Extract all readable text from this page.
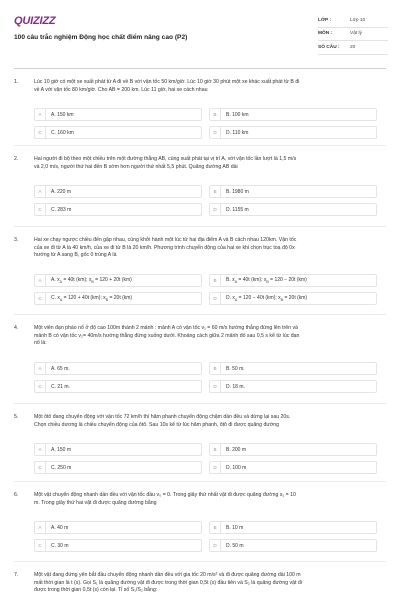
QUIZIZZ
100 câu trắc nghiệm Động học chất điểm nâng cao (P2)
LỚP :	Lớp 10
MÔN :	Vật lý
SỐ CÂU :	20
1.	Lúc 10 giờ có một xe xuất phát từ A đi về B với vận tốc 50 km/giờ. Lúc 10 giờ 30 phút một xe khác xuất phát từ B đi
về A với vận tốc 80 km/giờ. Cho AB = 200 km. Lúc 11 giờ, hai xe cách nhau
A	A. 150 km	B	B. 100 km
C	C. 160 km	D	D. 110 km
2.	Hai người đi bộ theo một chiều trên một đường thẳng AB, cùng xuất phát tại vị trí A, với vận tốc lần lượt là 1,5 m/s
và 2,0 m/s, người thứ hai đến B sớm hơn người thứ nhất 5,5 phút. Quãng đường AB dài
A	A. 220 m	B	B. 1980 m
C	C. 283 m	D	D. 1155 m
3.	Hai xe chạy ngược chiều đến gặp nhau, cùng khởi hành một lúc từ hai địa điểm A và B cách nhau 120km. Vận tốc
của xe đi từ A là 40 km/h, của xe đi từ B là 20 km/h. Phương trình chuyển động của hai xe khi chọn trục toạ độ 0x
hướng từ A sang B, gốc 0 trùng A là
A	A. $x_A = 40t$ (km); $x_B = 120 + 20t$ (km)	B	B. $x_A = 40t$ (km); $x_B = 120 - 20t$ (km)
C	C. $x_A = 120 + 40t$ (km); $x_B = 20t$ (km)	D	D. $x_A = 120 - 40t$ (km); $x_B = 20t$ (km)
4.	Một viên đạn pháo nổ ở độ cao 100m thành 2 mảnh : mảnh A có vận tốc v₁ = 60 m/s hướng thẳng đứng lên trên và
mảnh B có vận tốc v₂= 40m/s hướng thẳng đứng xuống dưới. Khoảng cách giữa 2 mảnh đó sau 0,5 s kể từ lúc đạn
nổ là:
A	A. 65 m.	B	B. 50 m.
C	C. 21 m.	D	D. 18 m.
5.	Một ôtô đang chuyển động với vận tốc 72 km/h thì hãm phanh chuyển động chậm dần đều và dừng lại sau 20s.
Chọn chiều dương là chiều chuyển động của ôtô. Sau 10s kể từ lúc hãm phanh, ôtô đi được quãng đường
A	A. 150 m	B	B. 200 m
C	C. 250 m	D	D. 100 m
6.	Một vật chuyển động nhanh dần đều với vận tốc đầu v₀ = 0. Trong giây thứ nhất vật đi được quãng đường s₁ = 10
m. Trong giây thứ hai vật đi được quãng đường bằng
A	A. 40 m	B	B. 10 m
C	C. 30 m	D	D. 50 m
7.	Một vật đang đứng yên bắt đầu chuyển động nhanh dần đều với gia tốc 20 m/s² và đi được quãng đường dài 100 m
mất thời gian là t (s). Gọi S₁ là quãng đường vật đi được trong thời gian 0,5t (s) đầu tiên và S₂ là quãng đường vật đi
được trong thời gian 0,5t (s) còn lại. Tỉ số S₁/S₂ bằng:
